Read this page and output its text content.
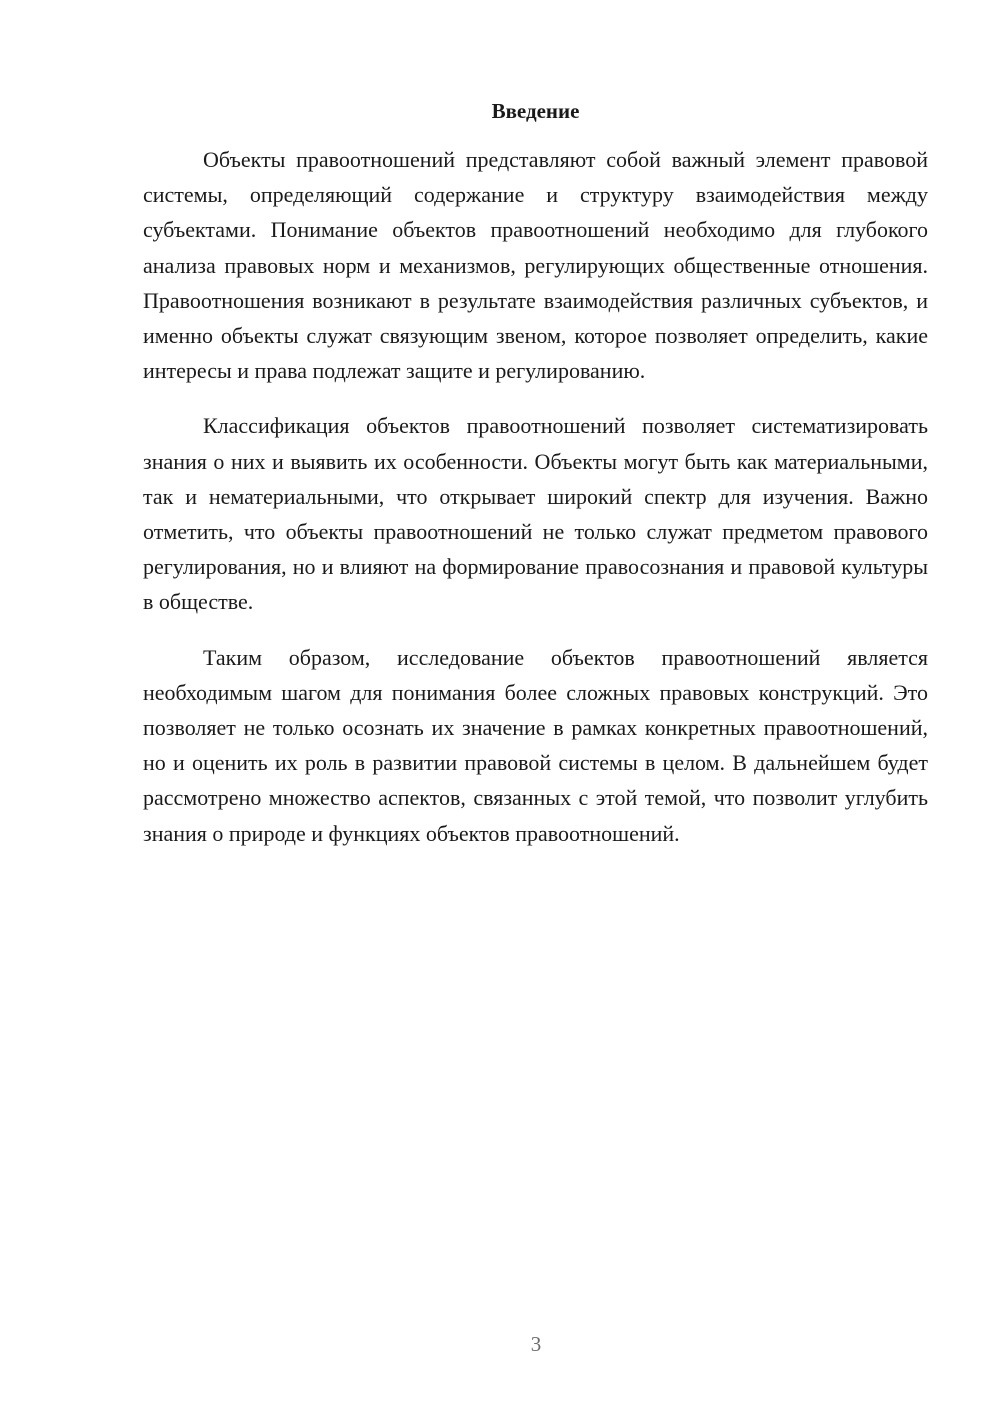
Введение

Объекты правоотношений представляют собой важный элемент правовой системы, определяющий содержание и структуру взаимодействия между субъектами. Понимание объектов правоотношений необходимо для глубокого анализа правовых норм и механизмов, регулирующих общественные отношения. Правоотношения возникают в результате взаимодействия различных субъектов, и именно объекты служат связующим звеном, которое позволяет определить, какие интересы и права подлежат защите и регулированию.

Классификация объектов правоотношений позволяет систематизировать знания о них и выявить их особенности. Объекты могут быть как материальными, так и нематериальными, что открывает широкий спектр для изучения. Важно отметить, что объекты правоотношений не только служат предметом правового регулирования, но и влияют на формирование правосознания и правовой культуры в обществе.

Таким образом, исследование объектов правоотношений является необходимым шагом для понимания более сложных правовых конструкций. Это позволяет не только осознать их значение в рамках конкретных правоотношений, но и оценить их роль в развитии правовой системы в целом. В дальнейшем будет рассмотрено множество аспектов, связанных с этой темой, что позволит углубить знания о природе и функциях объектов правоотношений.

3
